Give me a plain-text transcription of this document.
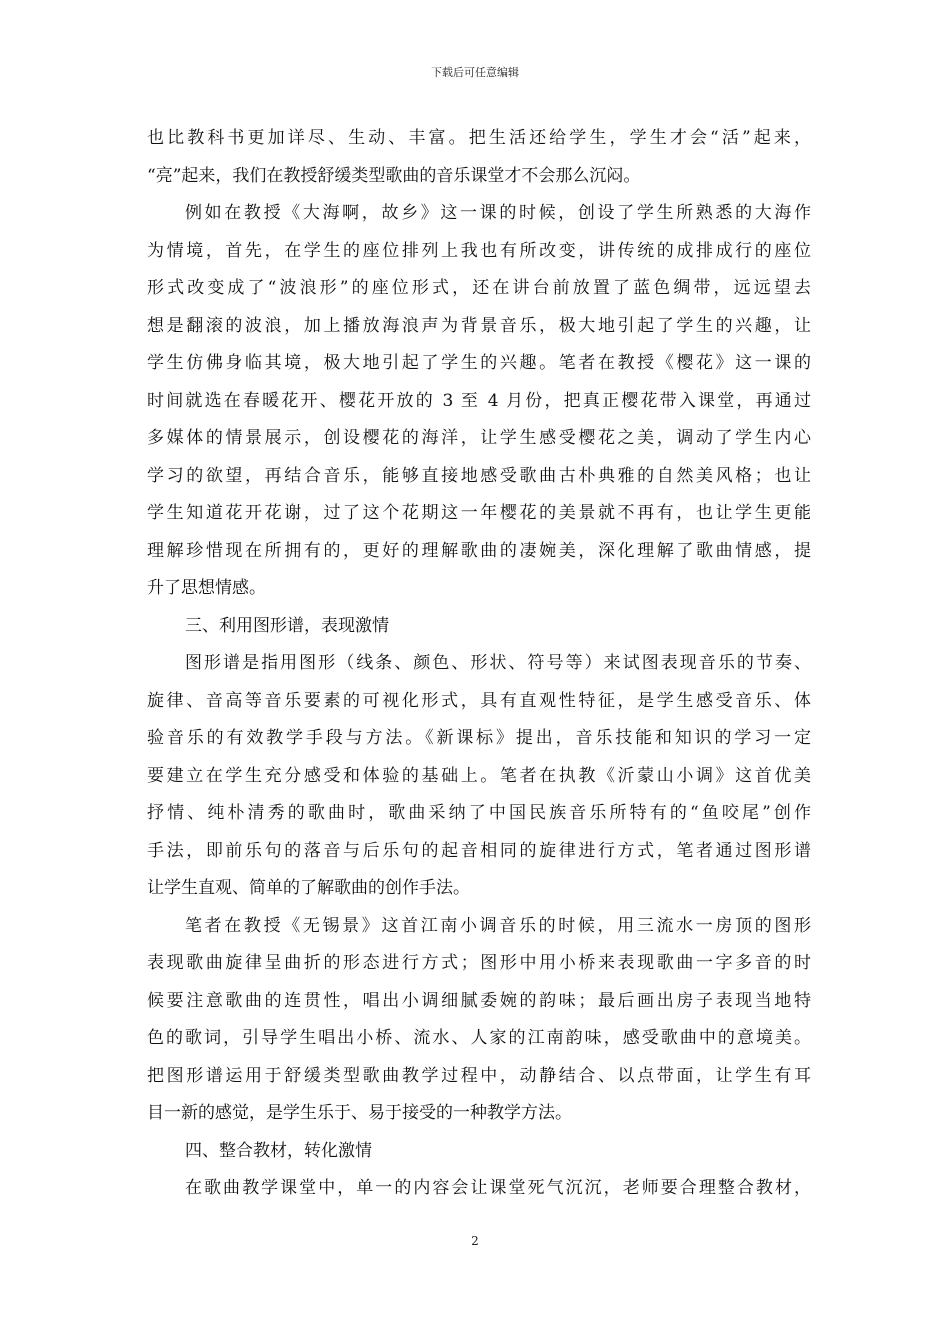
下载后可任意编辑
也比教科书更加详尽、生动、丰富。把生活还给学生，学生才会“活”起来，
“亮”起来，我们在教授舒缓类型歌曲的音乐课堂才不会那么沉闷。
例如在教授《大海啊，故乡》这一课的时候，创设了学生所熟悉的大海作
为情境，首先，在学生的座位排列上我也有所改变，讲传统的成排成行的座位
形式改变成了“波浪形”的座位形式，还在讲台前放置了蓝色绸带，远远望去
想是翻滚的波浪，加上播放海浪声为背景音乐，极大地引起了学生的兴趣，让
学生仿佛身临其境，极大地引起了学生的兴趣。笔者在教授《樱花》这一课的
时间就选在春暖花开、樱花开放的 3 至 4 月份，把真正樱花带入课堂，再通过
多媒体的情景展示，创设樱花的海洋，让学生感受樱花之美，调动了学生内心
学习的欲望，再结合音乐，能够直接地感受歌曲古朴典雅的自然美风格；也让
学生知道花开花谢，过了这个花期这一年樱花的美景就不再有，也让学生更能
理解珍惜现在所拥有的，更好的理解歌曲的凄婉美，深化理解了歌曲情感，提
升了思想情感。
三、利用图形谱，表现激情
图形谱是指用图形（线条、颜色、形状、符号等）来试图表现音乐的节奏、
旋律、音高等音乐要素的可视化形式，具有直观性特征，是学生感受音乐、体
验音乐的有效教学手段与方法。《新课标》提出，音乐技能和知识的学习一定
要建立在学生充分感受和体验的基础上。笔者在执教《沂蒙山小调》这首优美
抒情、纯朴清秀的歌曲时，歌曲采纳了中国民族音乐所特有的“鱼咬尾”创作
手法，即前乐句的落音与后乐句的起音相同的旋律进行方式，笔者通过图形谱
让学生直观、简单的了解歌曲的创作手法。
笔者在教授《无锡景》这首江南小调音乐的时候，用三流水一房顶的图形
表现歌曲旋律呈曲折的形态进行方式；图形中用小桥来表现歌曲一字多音的时
候要注意歌曲的连贯性，唱出小调细腻委婉的韵味；最后画出房子表现当地特
色的歌词，引导学生唱出小桥、流水、人家的江南韵味，感受歌曲中的意境美。
把图形谱运用于舒缓类型歌曲教学过程中，动静结合、以点带面，让学生有耳
目一新的感觉，是学生乐于、易于接受的一种教学方法。
四、整合教材，转化激情
在歌曲教学课堂中，单一的内容会让课堂死气沉沉，老师要合理整合教材，
2
